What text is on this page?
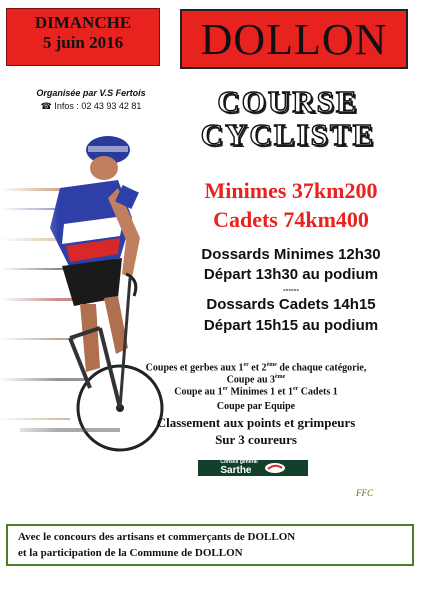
DIMANCHE
5 juin 2016	DOLLON
Organisée par V.S Fertois
☎ Infos : 02 43 93 42 81	COURSE
CYCLISTE
Minimes 37km200
Cadets 74km400
Dossards Minimes 12h30
Départ 13h30 au podium
------
Dossards Cadets 14h15
Départ 15h15 au podium
Coupes et gerbes aux 1er et 2ème de chaque catégorie,
Coupe au 3ème
Coupe au 1er Minimes 1 et 1er Cadets 1
Coupe par Equipe
Classement aux points et grimpeurs
Sur 3 coureurs
Conseil général
Sarthe
FFC
Avec le concours des artisans et commerçants de DOLLON
et la participation de la Commune de DOLLON
